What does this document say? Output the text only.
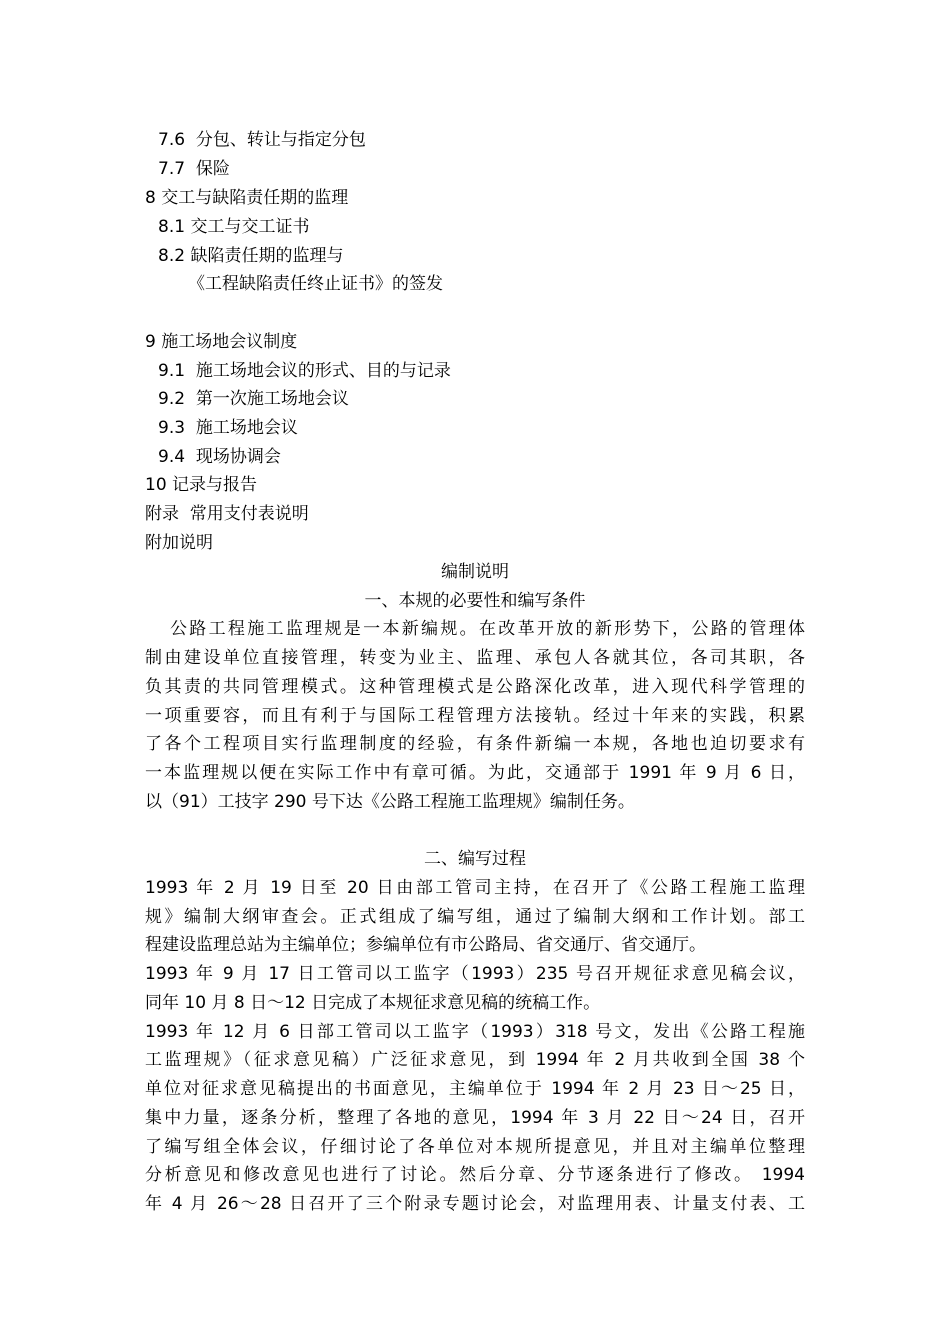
7.6  分包、转让与指定分包
7.7  保险
8 交工与缺陷责任期的监理
8.1 交工与交工证书
8.2 缺陷责任期的监理与
《工程缺陷责任终止证书》的签发
9 施工场地会议制度
9.1  施工场地会议的形式、目的与记录
9.2  第一次施工场地会议
9.3  施工场地会议
9.4  现场协调会
10 记录与报告
附录  常用支付表说明
附加说明
编制说明
一、本规的必要性和编写条件
公路工程施工监理规是一本新编规。在改革开放的新形势下，公路的管理体
制由建设单位直接管理，转变为业主、监理、承包人各就其位，各司其职，各
负其责的共同管理模式。这种管理模式是公路深化改革，进入现代科学管理的
一项重要容，而且有利于与国际工程管理方法接轨。经过十年来的实践，积累
了各个工程项目实行监理制度的经验，有条件新编一本规，各地也迫切要求有
一本监理规以便在实际工作中有章可循。为此，交通部于 1991 年 9 月 6 日，
以（91）工技字 290 号下达《公路工程施工监理规》编制任务。
二、编写过程
1993 年 2 月 19 日至 20 日由部工管司主持，在召开了《公路工程施工监理
规》编制大纲审查会。正式组成了编写组，通过了编制大纲和工作计划。部工
程建设监理总站为主编单位；参编单位有市公路局、省交通厅、省交通厅。
1993 年 9 月 17 日工管司以工监字（1993）235 号召开规征求意见稿会议，
同年 10 月 8 日～12 日完成了本规征求意见稿的统稿工作。
1993 年 12 月 6 日部工管司以工监字（1993）318 号文，发出《公路工程施
工监理规》（征求意见稿）广泛征求意见，到 1994 年 2 月共收到全国 38 个
单位对征求意见稿提出的书面意见，主编单位于 1994 年 2 月 23 日～25 日，
集中力量，逐条分析，整理了各地的意见，1994 年 3 月 22 日～24 日，召开
了编写组全体会议，仔细讨论了各单位对本规所提意见，并且对主编单位整理
分析意见和修改意见也进行了讨论。然后分章、分节逐条进行了修改。 1994
年 4 月 26～28 日召开了三个附录专题讨论会，对监理用表、计量支付表、工
